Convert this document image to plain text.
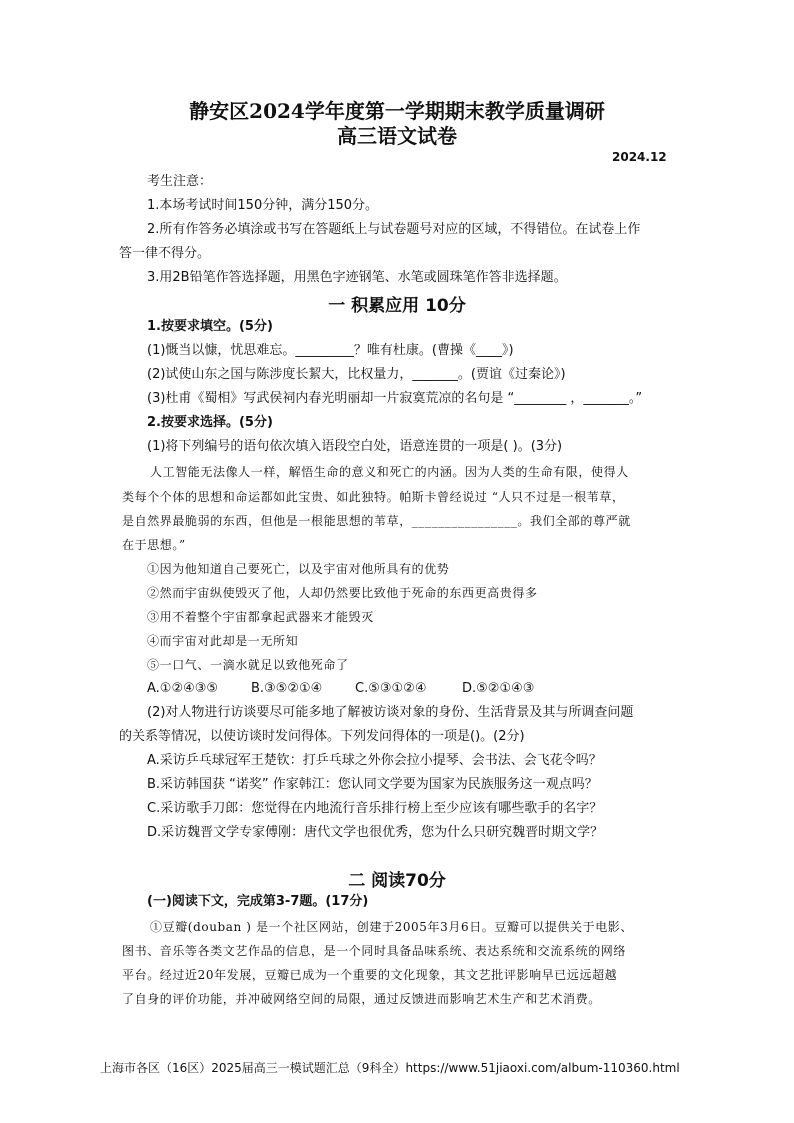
静安区2024学年度第一学期期末教学质量调研
高三语文试卷
2024.12
考生注意：
1.本场考试时间150分钟，满分150分。
2.所有作答务必填涂或书写在答题纸上与试卷题号对应的区域，不得错位。在试卷上作
答一律不得分。
3.用2B铅笔作答选择题，用黑色字迹钢笔、水笔或圆珠笔作答非选择题。
一 积累应用 10分
1.按要求填空。(5分)
(1)慨当以慷，忧思难忘。_________？唯有杜康。(曹操《____》)
(2)试使山东之国与陈涉度长絜大，比权量力，_______。(贾谊《过秦论》)
(3)杜甫《蜀相》写武侯祠内春光明丽却一片寂寞荒凉的名句是 “________ ，_______。”
2.按要求选择。(5分)
(1)将下列编号的语句依次填入语段空白处，语意连贯的一项是( )。(3分)
人工智能无法像人一样，解悟生命的意义和死亡的内涵。因为人类的生命有限，使得人
类每个个体的思想和命运都如此宝贵、如此独特。帕斯卡曾经说过 “人只不过是一根苇草，
是自然界最脆弱的东西，但他是一根能思想的苇草，________________。我们全部的尊严就
在于思想。”
①因为他知道自己要死亡，以及宇宙对他所具有的优势
②然而宇宙纵使毁灭了他，人却仍然要比致他于死命的东西更高贵得多
③用不着整个宇宙都拿起武器来才能毁灭
④而宇宙对此却是一无所知
⑤一口气、一滴水就足以致他死命了
A.①②④③⑤	B.③⑤②①④	C.⑤③①②④	D.⑤②①④③
(2)对人物进行访谈要尽可能多地了解被访谈对象的身份、生活背景及其与所调查问题
的关系等情况，以使访谈时发问得体。下列发问得体的一项是()。(2分)
A.采访乒乓球冠军王楚钦：打乒乓球之外你会拉小提琴、会书法、会飞花令吗？
B.采访韩国获 “诺奖” 作家韩江：您认同文学要为国家为民族服务这一观点吗？
C.采访歌手刀郎：您觉得在内地流行音乐排行榜上至少应该有哪些歌手的名字？
D.采访魏晋文学专家傅刚：唐代文学也很优秀，您为什么只研究魏晋时期文学？
二 阅读70分
(一)阅读下文，完成第3-7题。(17分)
①豆瓣(douban ) 是一个社区网站，创建于2005年3月6日。豆瓣可以提供关于电影、
图书、音乐等各类文艺作品的信息，是一个同时具备品味系统、表达系统和交流系统的网络
平台。经过近20年发展，豆瓣已成为一个重要的文化现象，其文艺批评影响早已远远超越
了自身的评价功能，并冲破网络空间的局限，通过反馈进而影响艺术生产和艺术消费。
上海市各区（16区）2025届高三一模试题汇总（9科全）https://www.51jiaoxi.com/album-110360.html
